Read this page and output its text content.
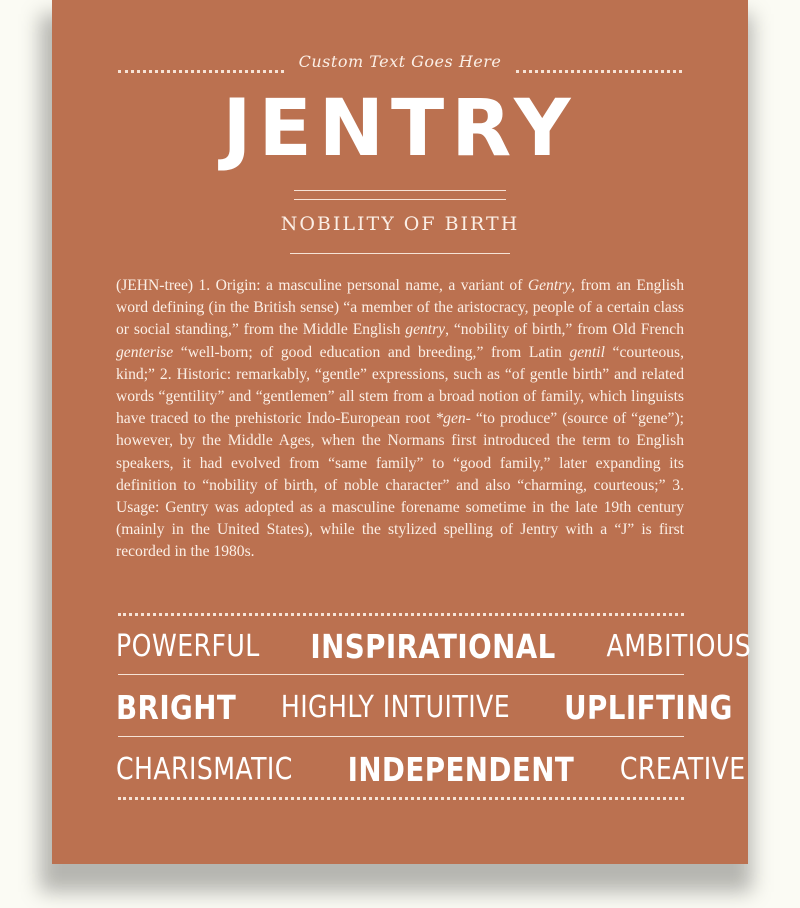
Custom Text Goes Here
JENTRY
NOBILITY OF BIRTH
(JEHN-tree) 1. Origin: a masculine personal name, a variant of Gentry, from an English word defining (in the British sense) “a member of the aristocracy, people of a certain class or social standing,” from the Middle English gentry, “nobility of birth,” from Old French genterise “well-born; of good education and breeding,” from Latin gentil “courteous, kind;” 2. Historic: remarkably, “gentle” expressions, such as “of gentle birth” and related words “gentility” and “gentlemen” all stem from a broad notion of family, which linguists have traced to the prehistoric Indo-European root *gen- “to produce” (source of “gene”); however, by the Middle Ages, when the Normans first introduced the term to English speakers, it had evolved from “same family” to “good family,” later expanding its definition to “nobility of birth, of noble character” and also “charming, courteous;” 3. Usage: Gentry was adopted as a masculine forename sometime in the late 19th century (mainly in the United States), while the stylized spelling of Jentry with a “J” is first recorded in the 1980s.
POWERFUL INSPIRATIONAL AMBITIOUS
BRIGHT HIGHLY INTUITIVE UPLIFTING
CHARISMATIC INDEPENDENT CREATIVE
